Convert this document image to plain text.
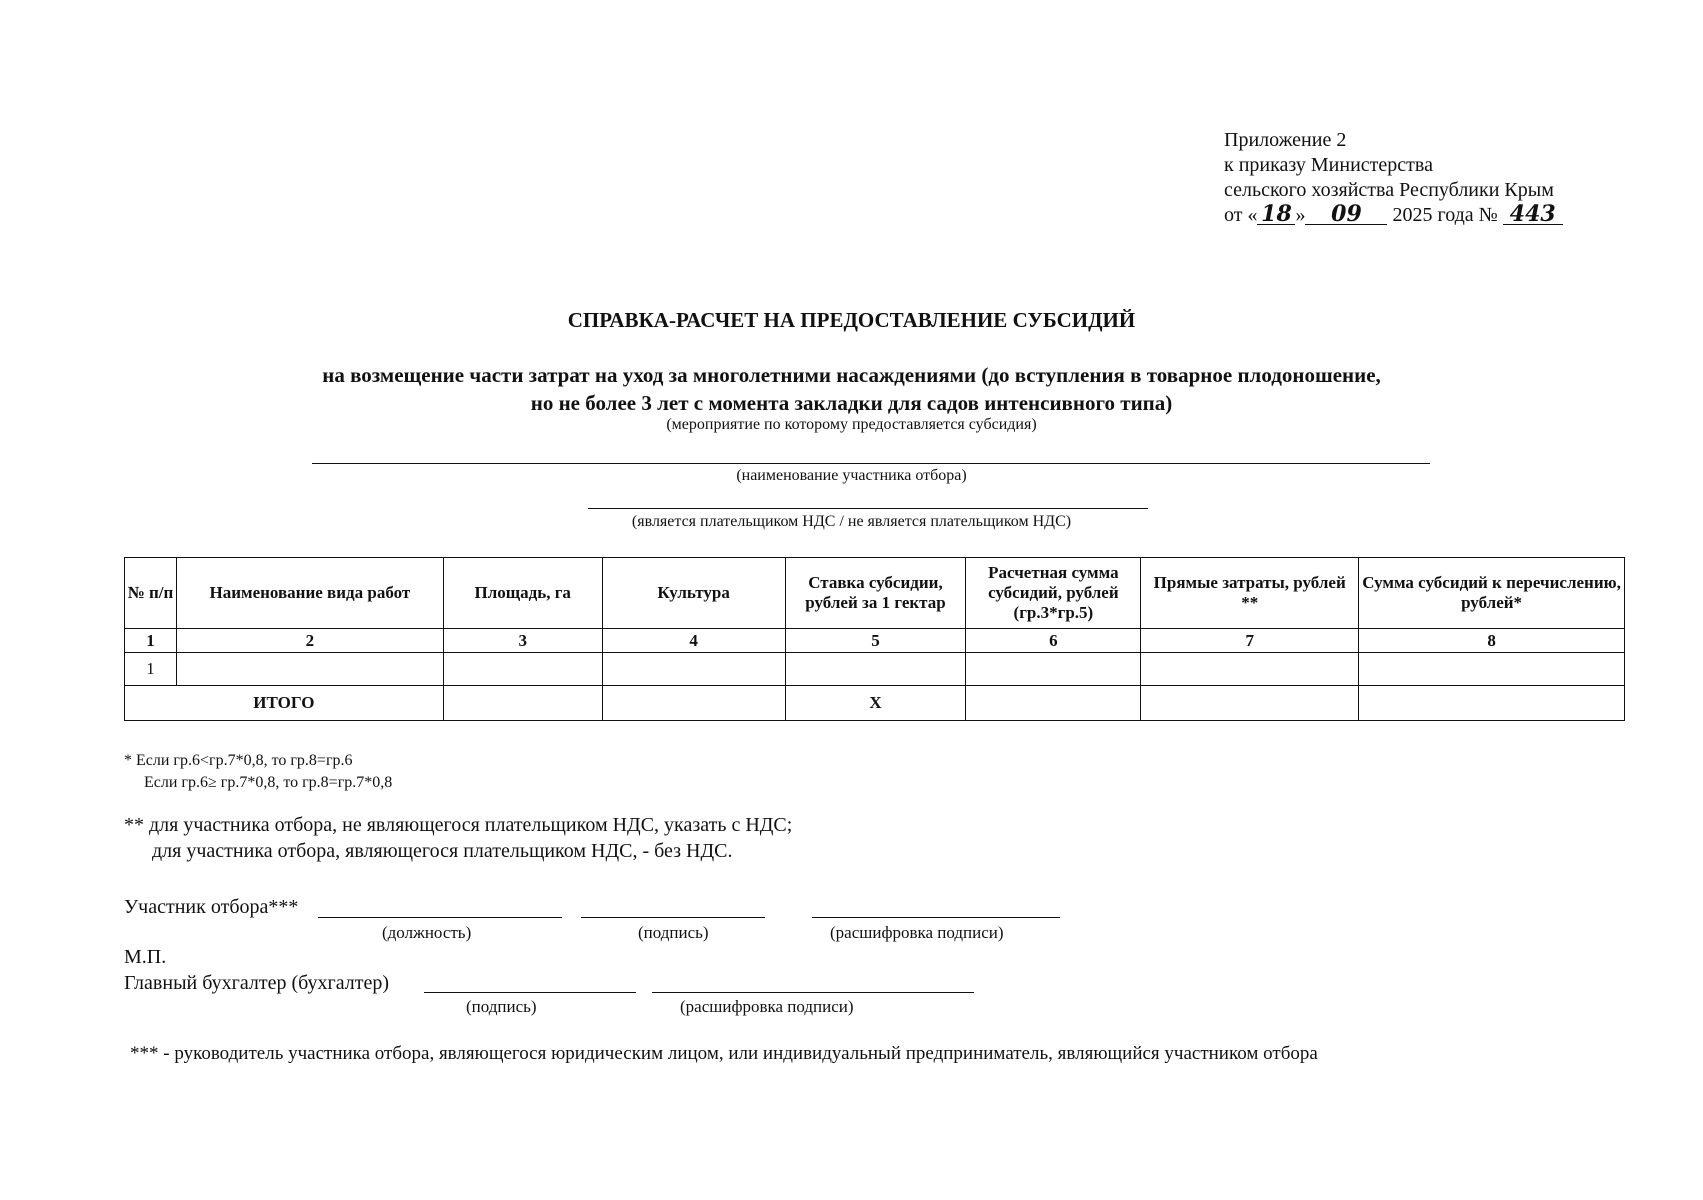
Приложение 2
к приказу Министерства
сельского хозяйства Республики Крым
от « 18 » 09 2025 года № 443
СПРАВКА-РАСЧЕТ НА ПРЕДОСТАВЛЕНИЕ СУБСИДИЙ
на возмещение части затрат на уход за многолетними насаждениями (до вступления в товарное плодоношение,
но не более 3 лет с момента закладки для садов интенсивного типа)
(мероприятие по которому предоставляется субсидия)
(наименование участника отбора)
(является плательщиком НДС / не является плательщиком НДС)
№ п/п	Наименование вида работ	Площадь, га	Культура	Ставка субсидии, рублей за 1 гектар	Расчетная сумма субсидий, рублей (гр.3*гр.5)	Прямые затраты, рублей **	Сумма субсидий к перечислению, рублей*
1	2	3	4	5	6	7	8
1							
ИТОГО				X			
* Если гр.6<гр.7*0,8, то гр.8=гр.6
Если гр.6≥ гр.7*0,8, то гр.8=гр.7*0,8
** для участника отбора, не являющегося плательщиком НДС, указать с НДС;
для участника отбора, являющегося плательщиком НДС, - без НДС.
Участник отбора***
(должность)	(подпись)	(расшифровка подписи)
М.П.
Главный бухгалтер (бухгалтер)
(подпись)	(расшифровка подписи)
*** - руководитель участника отбора, являющегося юридическим лицом, или индивидуальный предприниматель, являющийся участником отбора
